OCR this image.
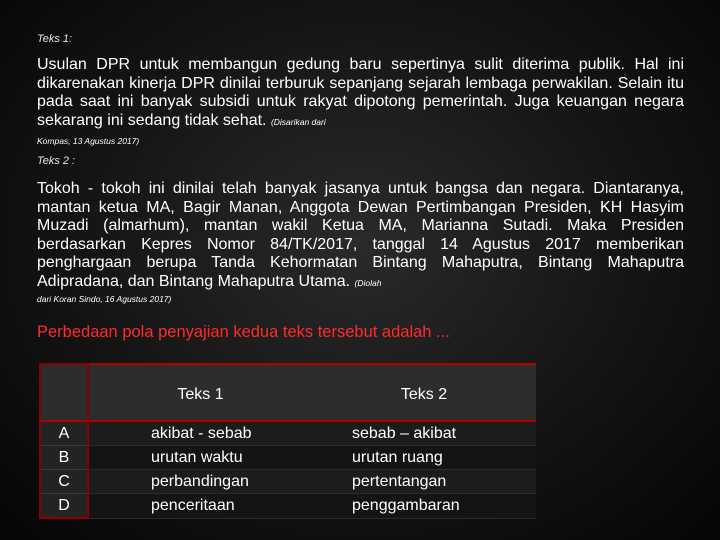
Teks 1:
Usulan DPR untuk membangun gedung baru sepertinya sulit diterima publik. Hal ini dikarenakan kinerja DPR dinilai terburuk sepanjang sejarah lembaga perwakilan. Selain itu pada saat ini banyak subsidi untuk rakyat dipotong pemerintah. Juga keuangan negara sekarang ini sedang tidak sehat. (Disarikan dari
Kompas, 13 Agustus 2017)
Teks 2 :
Tokoh - tokoh ini dinilai telah banyak jasanya untuk bangsa dan negara. Diantaranya, mantan ketua MA, Bagir Manan, Anggota Dewan Pertimbangan Presiden, KH Hasyim Muzadi (almarhum), mantan wakil Ketua MA, Marianna Sutadi. Maka Presiden berdasarkan Kepres Nomor 84/TK/2017, tanggal 14 Agustus 2017 memberikan penghargaan berupa Tanda Kehormatan Bintang Mahaputra, Bintang Mahaputra Adipradana, dan Bintang Mahaputra Utama. (Diolah
dari Koran Sindo, 16 Agustus 2017)
Perbedaan pola penyajian kedua teks tersebut adalah ...
	Teks 1	Teks 2

A	akibat - sebab	sebab – akibat
B	urutan waktu	urutan ruang
C	perbandingan	pertentangan
D	penceritaan	penggambaran
